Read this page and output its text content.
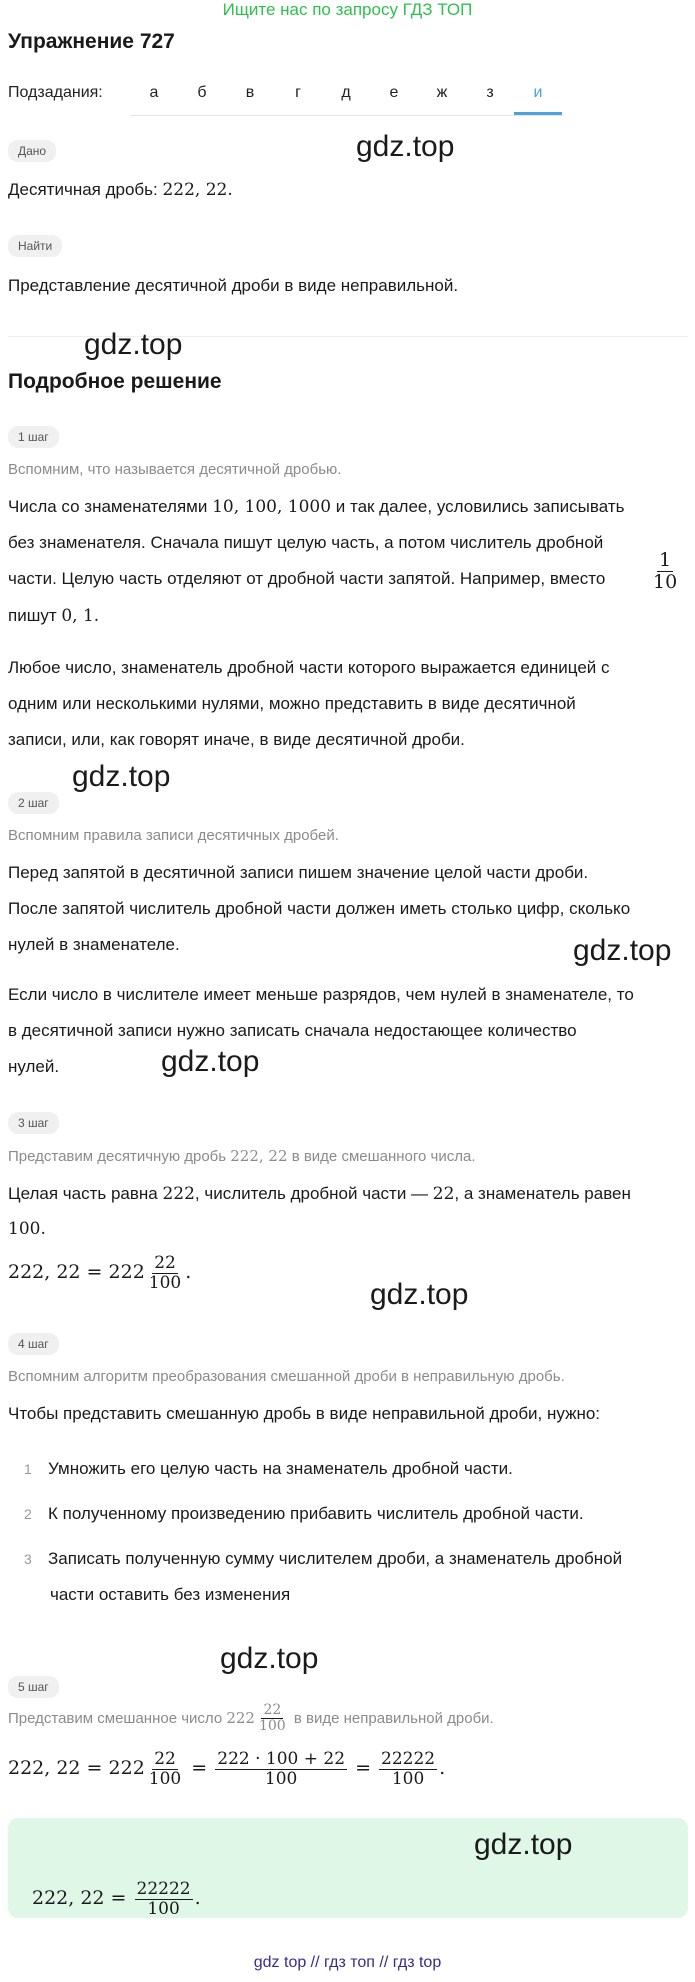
Ищите нас по запросу ГДЗ ТОП
Упражнение 727
Подзадания:	а	б	в	г	д	е	ж	з	и
Дано	gdz.top
Десятичная дробь: 222, 22.
Найти
Представление десятичной дроби в виде неправильной.
gdz.top
Подробное решение
1 шаг
Вспомним, что называется десятичной дробью.
Числа со знаменателями 10, 100, 1000 и так далее, условились записывать
без знаменателя. Сначала пишут целую часть, а потом числитель дробной
части. Целую часть отделяют от дробной части запятой. Например, вместо $\frac{1}{10}$
пишут 0, 1.
Любое число, знаменатель дробной части которого выражается единицей с
одним или несколькими нулями, можно представить в виде десятичной
записи, или, как говорят иначе, в виде десятичной дроби.
gdz.top
2 шаг
Вспомним правила записи десятичных дробей.
Перед запятой в десятичной записи пишем значение целой части дроби.
После запятой числитель дробной части должен иметь столько цифр, сколько
нулей в знаменателе.	gdz.top
Если число в числителе имеет меньше разрядов, чем нулей в знаменателе, то
в десятичной записи нужно записать сначала недостающее количество
нулей.	gdz.top
3 шаг
Представим десятичную дробь 222, 22 в виде смешанного числа.
Целая часть равна 222, числитель дробной части — 22, а знаменатель равен
100.
222, $22 = 222 \frac{22}{100}$ .
gdz.top
4 шаг
Вспомним алгоритм преобразования смешанной дроби в неправильную дробь.
Чтобы представить смешанную дробь в виде неправильной дроби, нужно:
1 Умножить его целую часть на знаменатель дробной части.
2 К полученному произведению прибавить числитель дробной части.
3 Записать полученную сумму числителем дроби, а знаменатель дробной
части оставить без изменения
gdz.top
5 шаг
Представим смешанное число $222 \frac{22}{100}$ в виде неправильной дроби.
222, $22 = 222 \frac{22}{100} = \frac{222 \cdot 100 + 22}{100} = \frac{22222}{100}$ .
gdz.top
222, $22 = \frac{22222}{100}$ .
gdz top // гдз топ // гдз top
